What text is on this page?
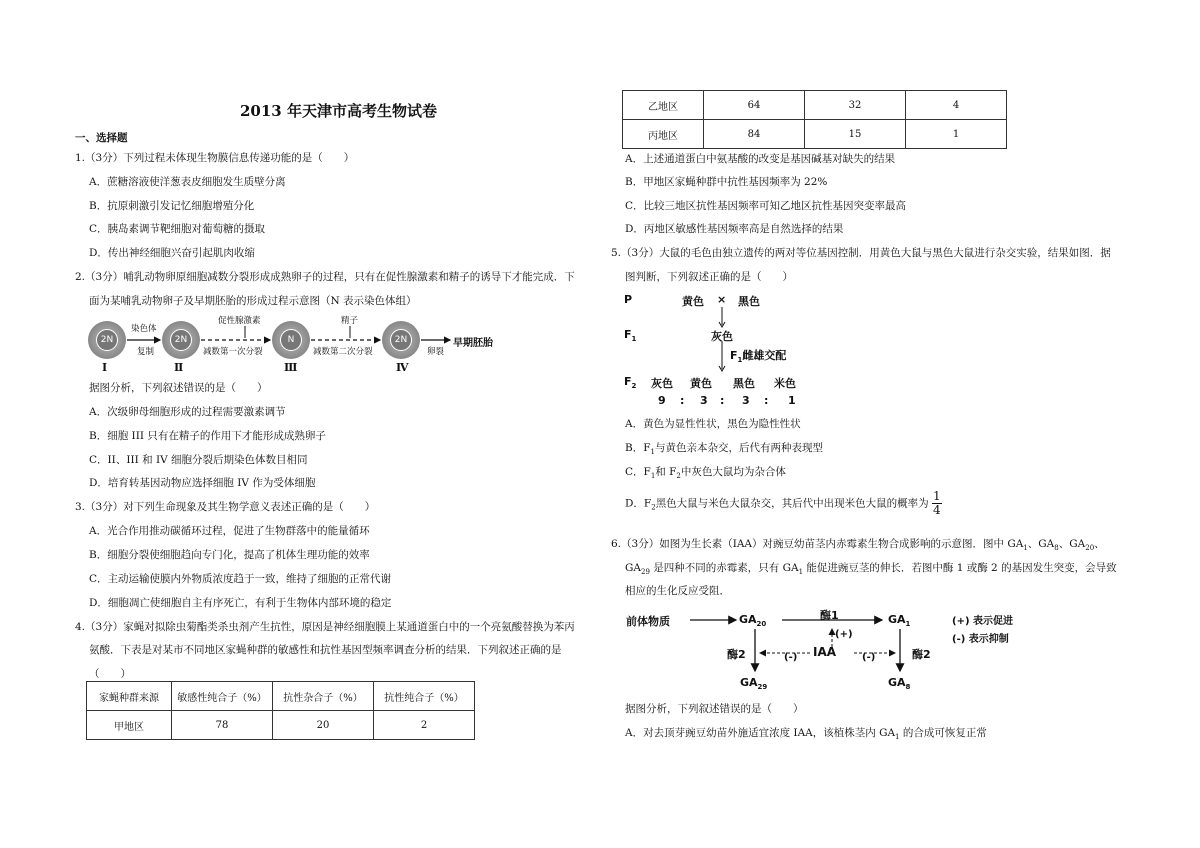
2013 年天津市高考生物试卷
一、选择题
1.（3分）下列过程未体现生物膜信息传递功能的是（　　）
A．蔗糖溶液使洋葱表皮细胞发生质壁分离
B．抗原刺激引发记忆细胞增殖分化
C．胰岛素调节靶细胞对葡萄糖的摄取
D．传出神经细胞兴奋引起肌肉收缩
2.（3分）哺乳动物卵原细胞减数分裂形成成熟卵子的过程，只有在促性腺激素和精子的诱导下才能完成．下
面为某哺乳动物卵子及早期胚胎的形成过程示意图（N 表示染色体组）
2N	2N	N	2N
染色体
复制
促性腺激素
减数第一次分裂
精子
减数第二次分裂	卵裂
早期胚胎
Ⅰ	Ⅱ	Ⅲ	Ⅳ
据图分析，下列叙述错误的是（　　）
A．次级卵母细胞形成的过程需要激素调节
B．细胞 III 只有在精子的作用下才能形成成熟卵子
C．II、III 和 IV 细胞分裂后期染色体数目相同
D．培育转基因动物应选择细胞 IV 作为受体细胞
3.（3分）对下列生命现象及其生物学意义表述正确的是（　　）
A．光合作用推动碳循环过程，促进了生物群落中的能量循环
B．细胞分裂使细胞趋向专门化，提高了机体生理功能的效率
C．主动运输使膜内外物质浓度趋于一致，维持了细胞的正常代谢
D．细胞凋亡使细胞自主有序死亡，有利于生物体内部环境的稳定
4.（3分）家蝇对拟除虫菊酯类杀虫剂产生抗性，原因是神经细胞膜上某通道蛋白中的一个亮氨酸替换为苯丙
氨酸．下表是对某市不同地区家蝇种群的敏感性和抗性基因型频率调查分析的结果．下列叙述正确的是
（　　）
家蝇种群来源	敏感性纯合子（%）	抗性杂合子（%）	抗性纯合子（%）
甲地区	78	20	2
乙地区	64	32	4
丙地区	84	15	1
A．上述通道蛋白中氨基酸的改变是基因碱基对缺失的结果
B．甲地区家蝇种群中抗性基因频率为 22%
C．比较三地区抗性基因频率可知乙地区抗性基因突变率最高
D．丙地区敏感性基因频率高是自然选择的结果
5.（3分）大鼠的毛色由独立遗传的两对等位基因控制．用黄色大鼠与黑色大鼠进行杂交实验，结果如图．据
图判断，下列叙述正确的是（　　）
P	黄色 × 黑色
$F_1$	灰色
$F_1$雌雄交配
$F_2$ 灰色 黄色 黑色 米色
9 : 3 : 3 : 1
A．黄色为显性性状，黑色为隐性性状
B．$F_1$与黄色亲本杂交，后代有两种表现型
C．$F_1$和 $F_2$中灰色大鼠均为杂合体
D．$F_2$黑色大鼠与米色大鼠杂交，其后代中出现米色大鼠的概率为 $\frac{1}{4}$
6.（3分）如图为生长素（IAA）对豌豆幼苗茎内赤霉素生物合成影响的示意图．图中 $GA_1$、$GA_8$、$GA_{20}$、
$GA_{29}$ 是四种不同的赤霉素，只有 $GA_1$ 能促进豌豆茎的伸长．若图中酶 1 或酶 2 的基因发生突变，会导致
相应的生化反应受阻．
前体物质	$GA_{20}$	$GA_1$
酶1
(+)
酶2	酶2
IAA
(-)	(-)
$GA_{29}$	$GA_8$
(+) 表示促进
(-) 表示抑制
据图分析，下列叙述错误的是（　　）
A．对去顶芽豌豆幼苗外施适宜浓度 IAA，该植株茎内 $GA_1$ 的合成可恢复正常
